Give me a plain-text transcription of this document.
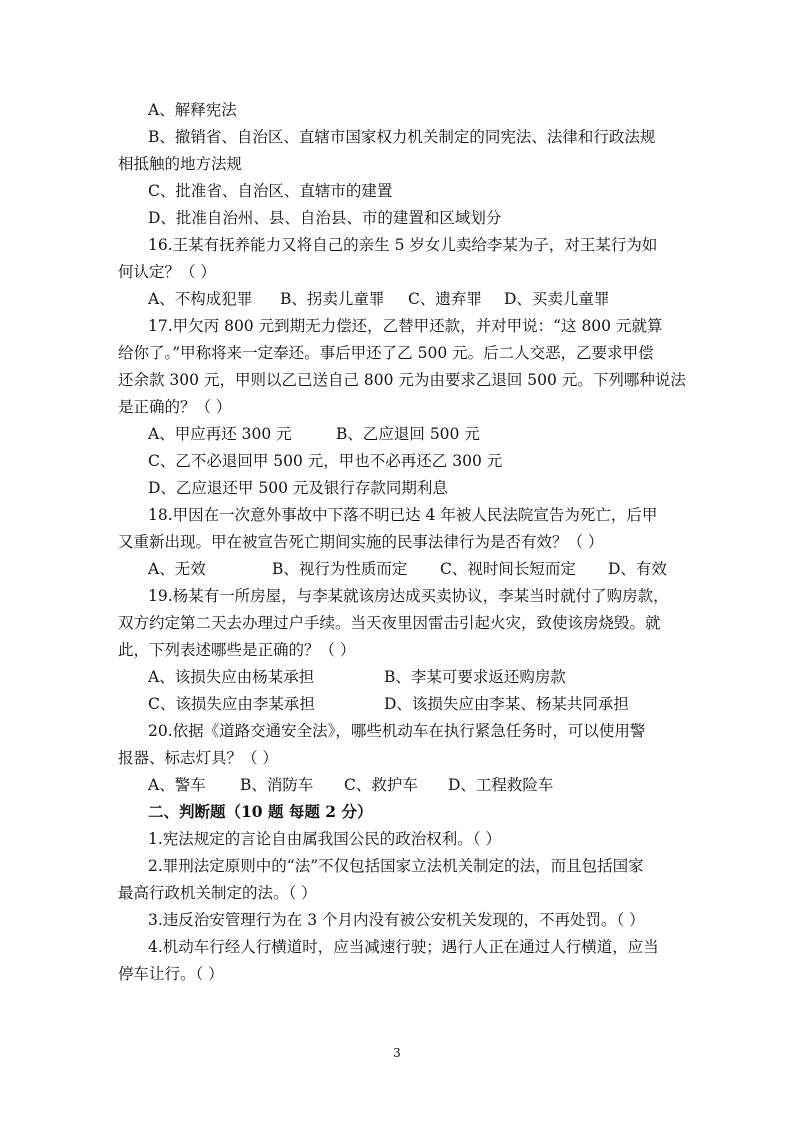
A、解释宪法
B、撤销省、自治区、直辖市国家权力机关制定的同宪法、法律和行政法规
相抵触的地方法规
C、批准省、自治区、直辖市的建置
D、批准自治州、县、自治县、市的建置和区域划分
16.王某有抚养能力又将自己的亲生 5 岁女儿卖给李某为子，对王某行为如
何认定？（ ）
A、不构成犯罪 B、拐卖儿童罪 C、遗弃罪 D、买卖儿童罪
17.甲欠丙 800 元到期无力偿还，乙替甲还款，并对甲说：“这 800 元就算
给你了。”甲称将来一定奉还。事后甲还了乙 500 元。后二人交恶，乙要求甲偿
还余款 300 元，甲则以乙已送自己 800 元为由要求乙退回 500 元。下列哪种说法
是正确的？（ ）
A、甲应再还 300 元	B、乙应退回 500 元
C、乙不必退回甲 500 元，甲也不必再还乙 300 元
D、乙应退还甲 500 元及银行存款同期利息
18.甲因在一次意外事故中下落不明已达 4 年被人民法院宣告为死亡，后甲
又重新出现。甲在被宣告死亡期间实施的民事法律行为是否有效？（ ）
A、无效	B、视行为性质而定 C、视时间长短而定 D、有效
19.杨某有一所房屋，与李某就该房达成买卖协议，李某当时就付了购房款，
双方约定第二天去办理过户手续。当天夜里因雷击引起火灾，致使该房烧毁。就
此，下列表述哪些是正确的？（ ）
A、该损失应由杨某承担	B、李某可要求返还购房款
C、该损失应由李某承担	D、该损失应由李某、杨某共同承担
20.依据《道路交通安全法》，哪些机动车在执行紧急任务时，可以使用警
报器、标志灯具？（ ）
A、警车 B、消防车 C、救护车 D、工程救险车
二、判断题（10 题 每题 2 分）
1.宪法规定的言论自由属我国公民的政治权利。（ ）
2.罪刑法定原则中的“法”不仅包括国家立法机关制定的法，而且包括国家
最高行政机关制定的法。（ ）
3.违反治安管理行为在 3 个月内没有被公安机关发现的，不再处罚。（ ）
4.机动车行经人行横道时，应当减速行驶；遇行人正在通过人行横道，应当
停车让行。（ ）
3
